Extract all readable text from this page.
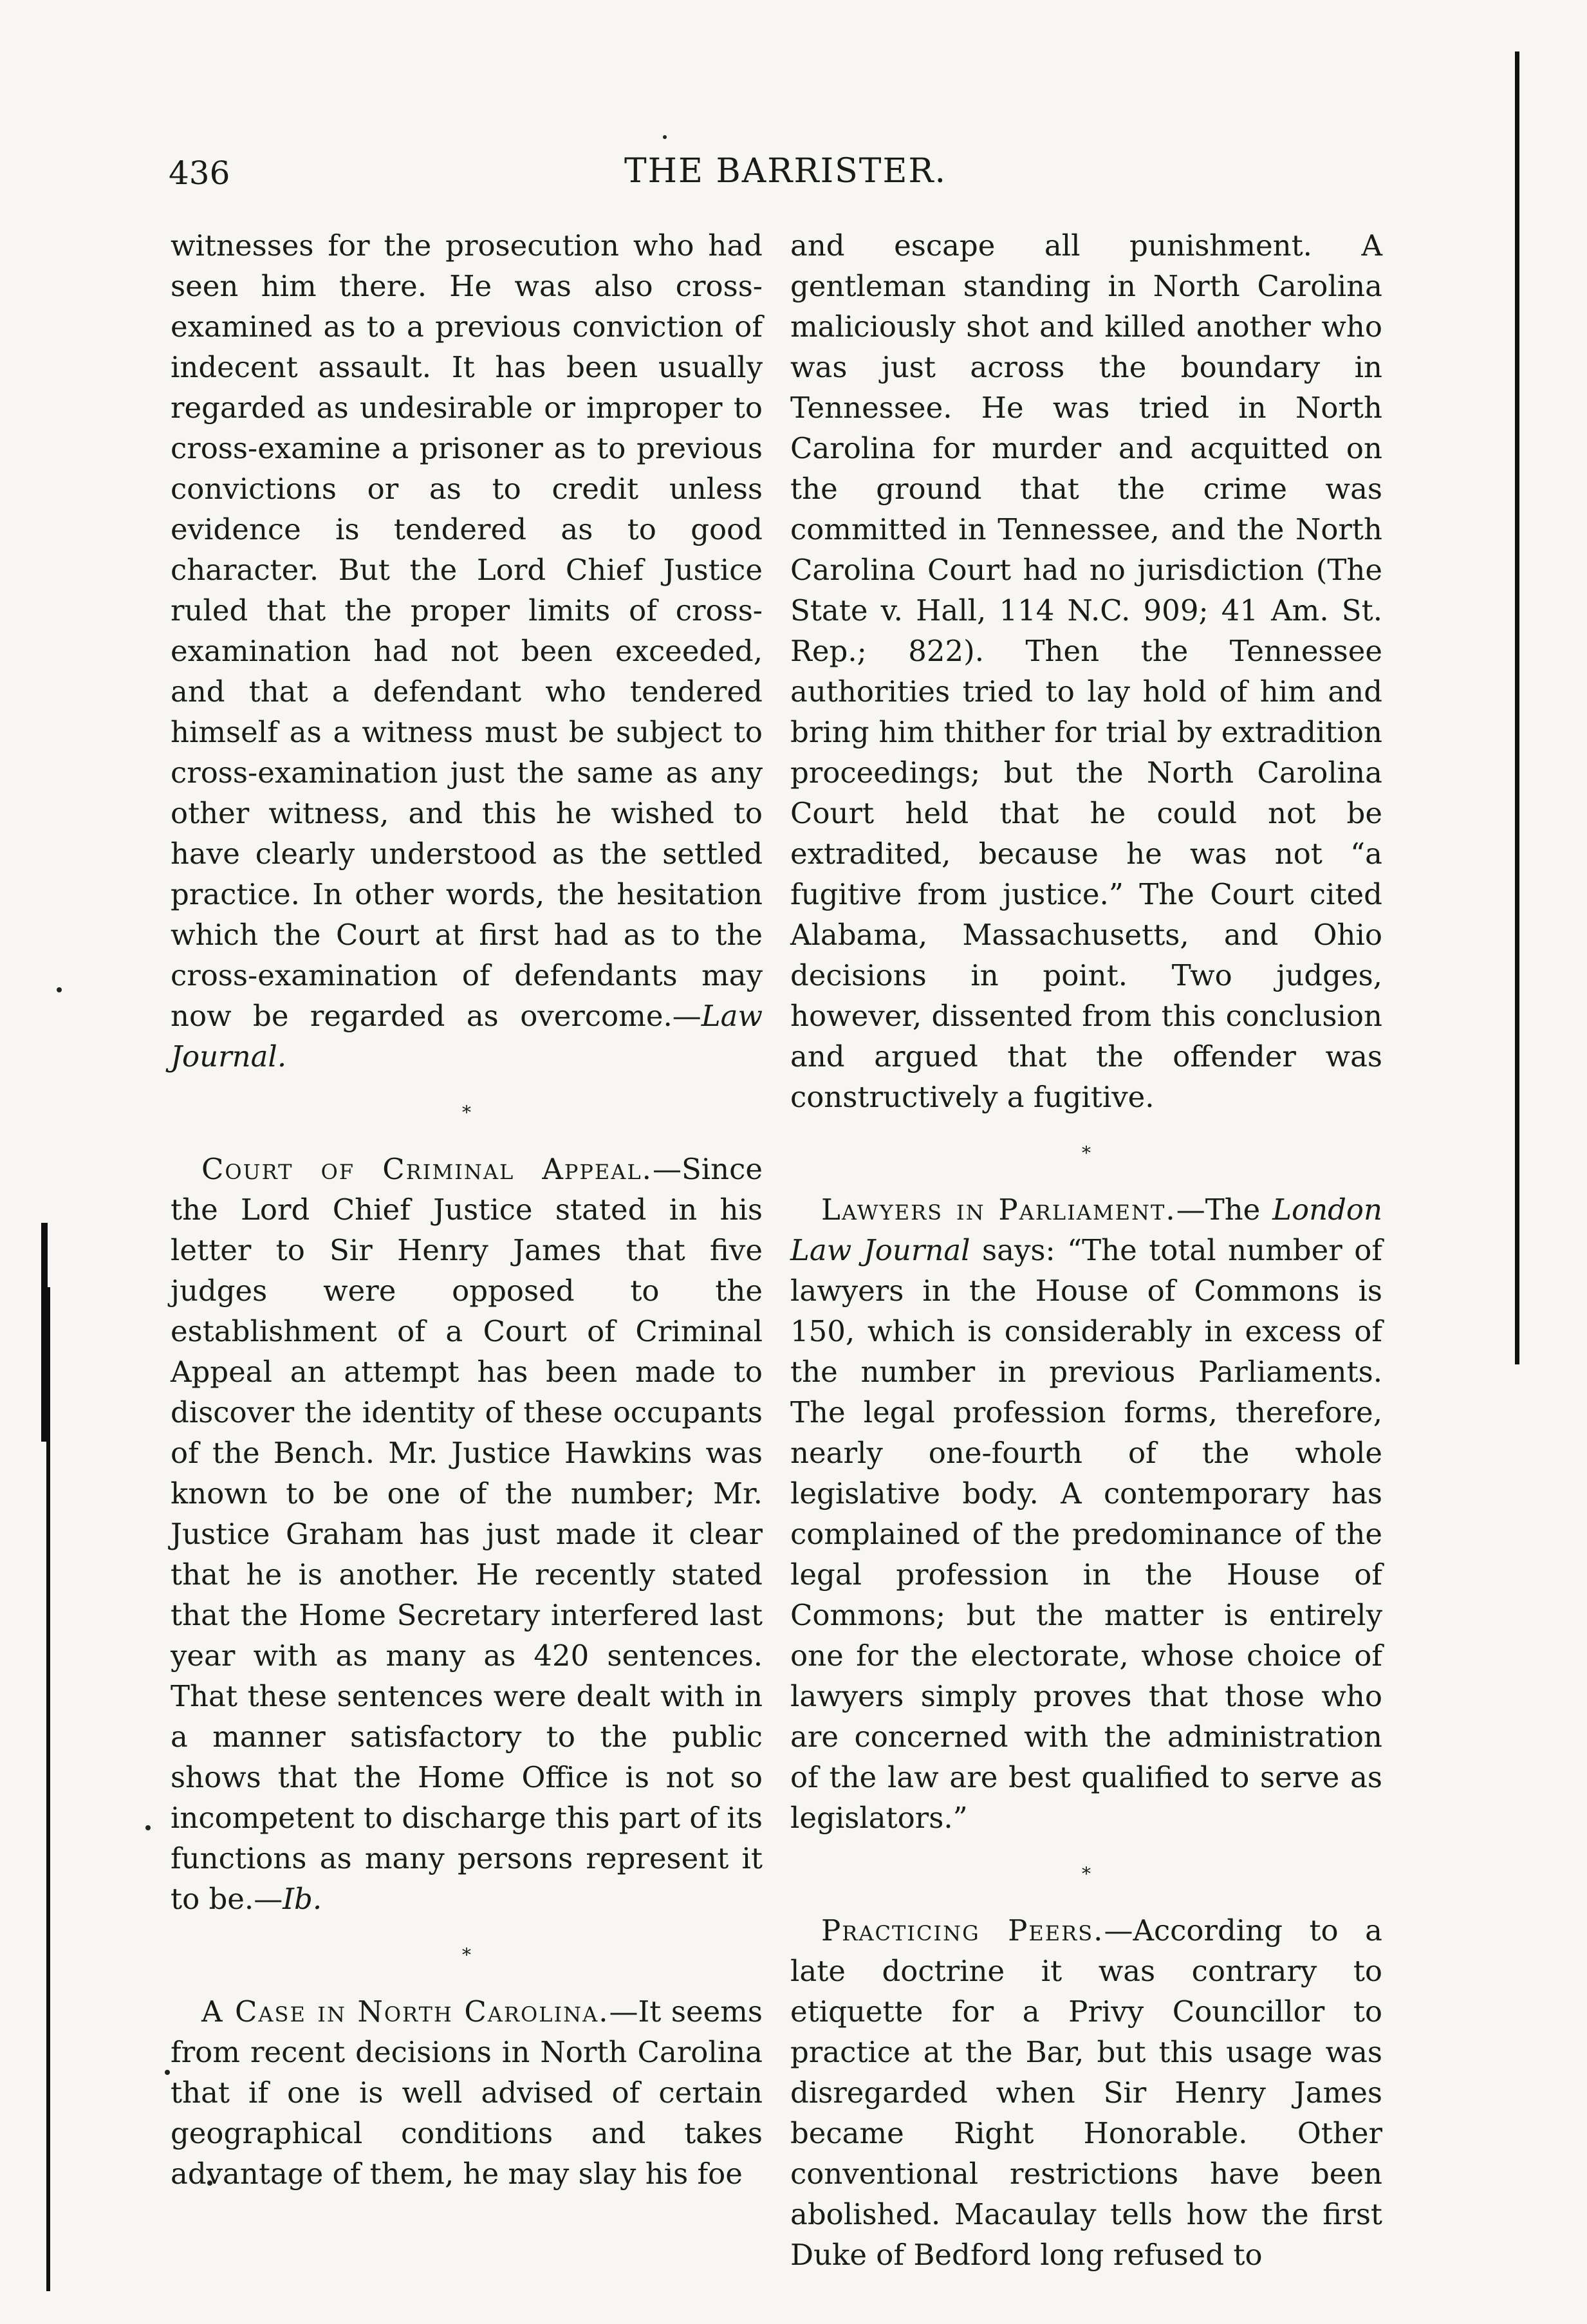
436	THE BARRISTER.

witnesses for the prosecution who had seen him there. He was also cross-examined as to a previous conviction of indecent assault. It has been usually regarded as undesirable or improper to cross-examine a prisoner as to previous convictions or as to credit unless evidence is tendered as to good character. But the Lord Chief Justice ruled that the proper limits of cross-examination had not been exceeded, and that a defendant who tendered himself as a witness must be subject to cross-examination just the same as any other witness, and this he wished to have clearly understood as the settled practice. In other words, the hesitation which the Court at first had as to the cross-examination of defendants may now be regarded as overcome.—Law Journal.

*

Court of Criminal Appeal.—Since the Lord Chief Justice stated in his letter to Sir Henry James that five judges were opposed to the establishment of a Court of Criminal Appeal an attempt has been made to discover the identity of these occupants of the Bench. Mr. Justice Hawkins was known to be one of the number; Mr. Justice Graham has just made it clear that he is another. He recently stated that the Home Secretary interfered last year with as many as 420 sentences. That these sentences were dealt with in a manner satisfactory to the public shows that the Home Office is not so incompetent to discharge this part of its functions as many persons represent it to be.—Ib.

*

A Case in North Carolina.—It seems from recent decisions in North Carolina that if one is well advised of certain geographical conditions and takes advantage of them, he may slay his foe

and escape all punishment. A gentleman standing in North Carolina maliciously shot and killed another who was just across the boundary in Tennessee. He was tried in North Carolina for murder and acquitted on the ground that the crime was committed in Tennessee, and the North Carolina Court had no jurisdiction (The State v. Hall, 114 N.C. 909; 41 Am. St. Rep.; 822). Then the Tennessee authorities tried to lay hold of him and bring him thither for trial by extradition proceedings; but the North Carolina Court held that he could not be extradited, because he was not “a fugitive from justice.” The Court cited Alabama, Massachusetts, and Ohio decisions in point. Two judges, however, dissented from this conclusion and argued that the offender was constructively a fugitive.

*

Lawyers in Parliament.—The London Law Journal says: “The total number of lawyers in the House of Commons is 150, which is considerably in excess of the number in previous Parliaments. The legal profession forms, therefore, nearly one-fourth of the whole legislative body. A contemporary has complained of the predominance of the legal profession in the House of Commons; but the matter is entirely one for the electorate, whose choice of lawyers simply proves that those who are concerned with the administration of the law are best qualified to serve as legislators.”

*

Practicing Peers.—According to a late doctrine it was contrary to etiquette for a Privy Councillor to practice at the Bar, but this usage was disregarded when Sir Henry James became Right Honorable. Other conventional restrictions have been abolished. Macaulay tells how the first Duke of Bedford long refused to
